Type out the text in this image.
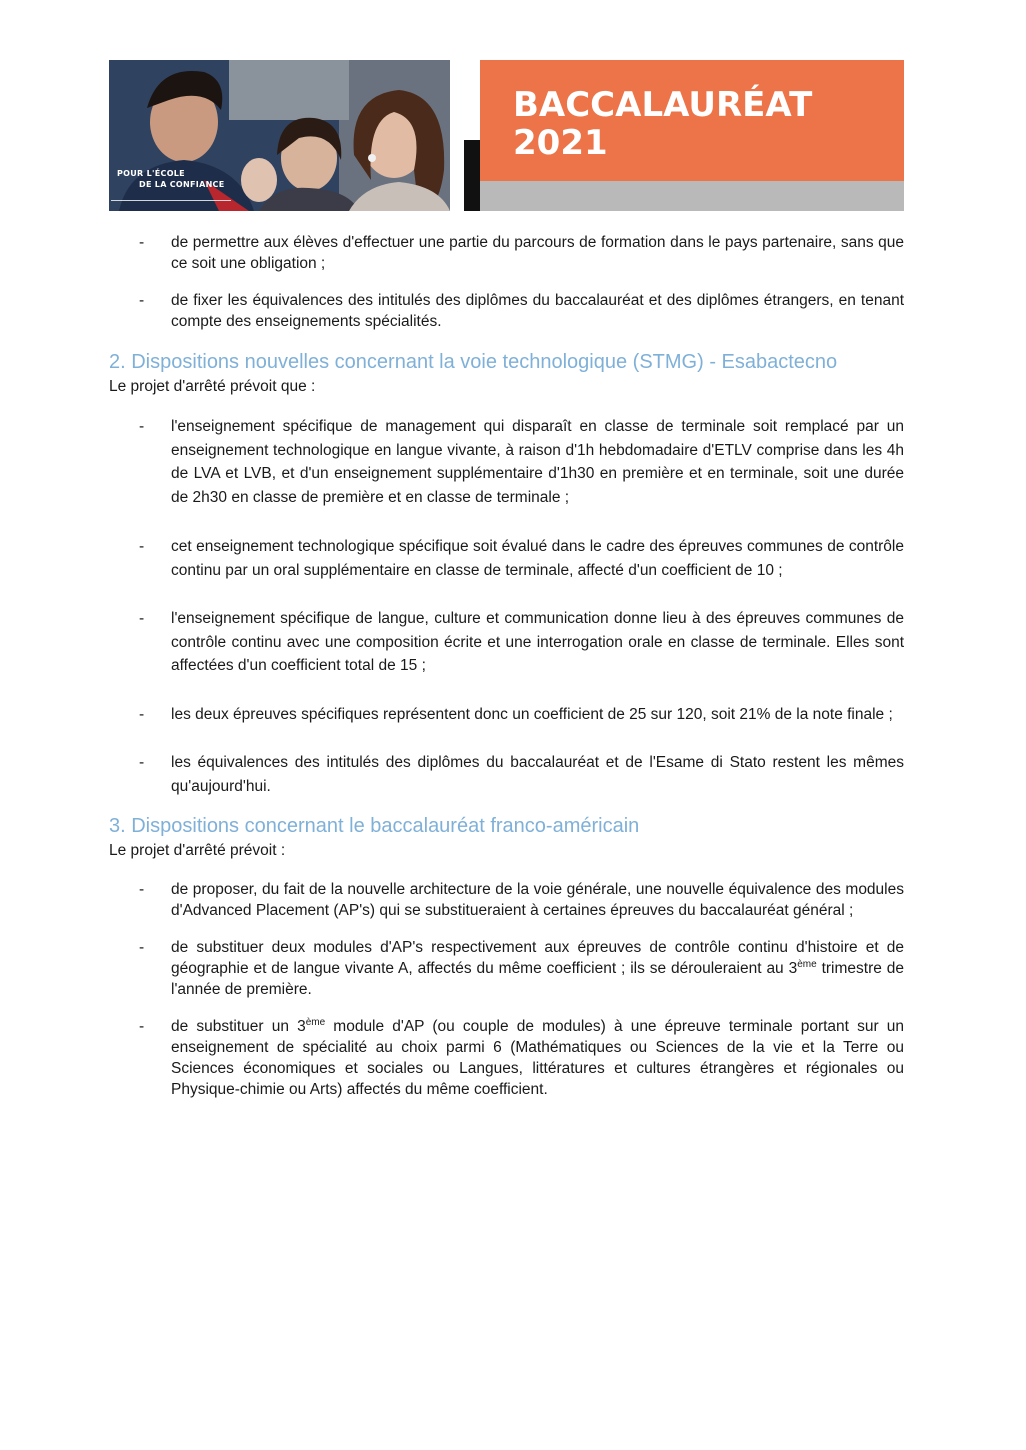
POUR L'ÉCOLE
DE LA CONFIANCE
BACCALAURÉAT
2021
- de permettre aux élèves d'effectuer une partie du parcours de formation dans le pays partenaire, sans que ce soit une obligation ;
- de fixer les équivalences des intitulés des diplômes du baccalauréat et des diplômes étrangers, en tenant compte des enseignements spécialités.
2. Dispositions nouvelles concernant la voie technologique (STMG) - Esabactecno
Le projet d'arrêté prévoit que :
- l'enseignement spécifique de management qui disparaît en classe de terminale soit remplacé par un enseignement technologique en langue vivante, à raison d'1h hebdomadaire d'ETLV comprise dans les 4h de LVA et LVB, et d'un enseignement supplémentaire d'1h30 en première et en terminale, soit une durée de 2h30 en classe de première et en classe de terminale ;
- cet enseignement technologique spécifique soit évalué dans le cadre des épreuves communes de contrôle continu par un oral supplémentaire en classe de terminale, affecté d'un coefficient de 10 ;
- l'enseignement spécifique de langue, culture et communication donne lieu à des épreuves communes de contrôle continu avec une composition écrite et une interrogation orale en classe de terminale. Elles sont affectées d'un coefficient total de 15 ;
- les deux épreuves spécifiques représentent donc un coefficient de 25 sur 120, soit 21% de la note finale ;
- les équivalences des intitulés des diplômes du baccalauréat et de l'Esame di Stato restent les mêmes qu'aujourd'hui.
3. Dispositions concernant le baccalauréat franco-américain
Le projet d'arrêté prévoit :
- de proposer, du fait de la nouvelle architecture de la voie générale, une nouvelle équivalence des modules d'Advanced Placement (AP's) qui se substitueraient à certaines épreuves du baccalauréat général ;
- de substituer deux modules d'AP's respectivement aux épreuves de contrôle continu d'histoire et de géographie et de langue vivante A, affectés du même coefficient ; ils se dérouleraient au 3ème trimestre de l'année de première.
- de substituer un 3ème module d'AP (ou couple de modules) à une épreuve terminale portant sur un enseignement de spécialité au choix parmi 6 (Mathématiques ou Sciences de la vie et la Terre ou Sciences économiques et sociales ou Langues, littératures et cultures étrangères et régionales ou Physique-chimie ou Arts) affectés du même coefficient.
